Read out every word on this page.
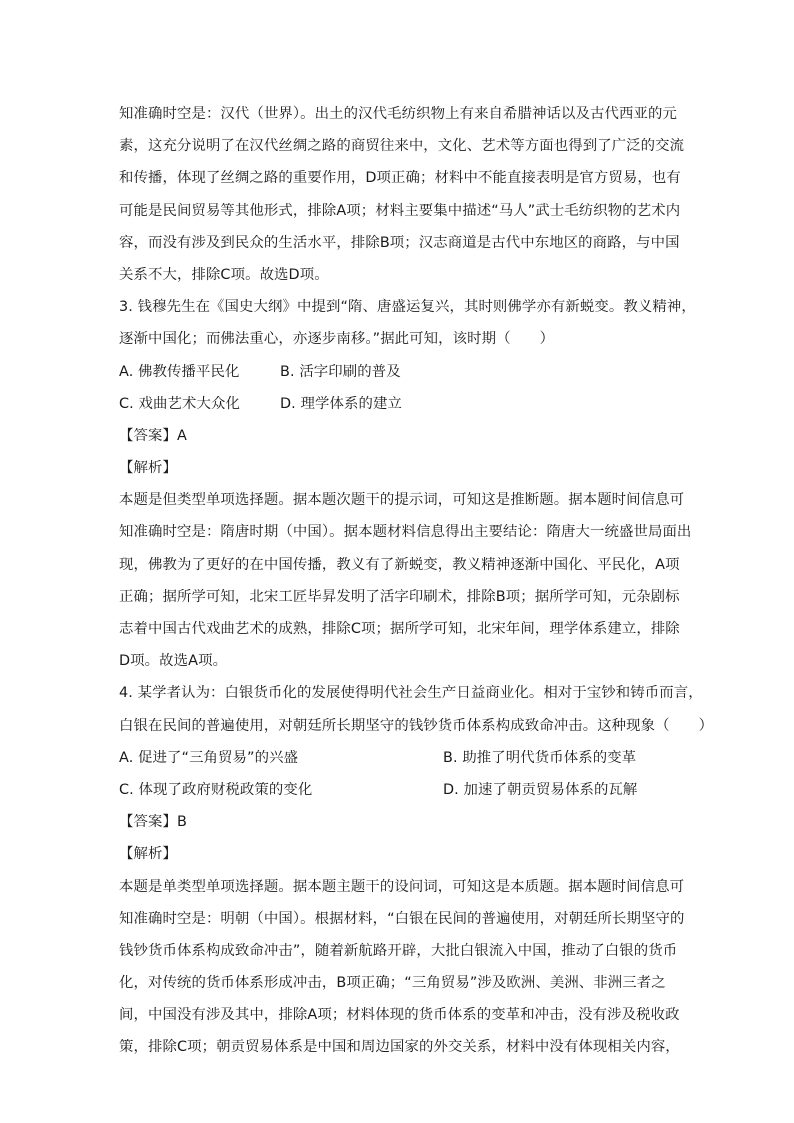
知准确时空是：汉代（世界）。出土的汉代毛纺织物上有来自希腊神话以及古代西亚的元
素，这充分说明了在汉代丝绸之路的商贸往来中，文化、艺术等方面也得到了广泛的交流
和传播，体现了丝绸之路的重要作用，D项正确；材料中不能直接表明是官方贸易，也有
可能是民间贸易等其他形式，排除A项；材料主要集中描述“马人”武士毛纺织物的艺术内
容，而没有涉及到民众的生活水平，排除B项；汉志商道是古代中东地区的商路，与中国
关系不大，排除C项。故选D项。
3. 钱穆先生在《国史大纲》中提到“隋、唐盛运复兴，其时则佛学亦有新蜕变。教义精神，
逐渐中国化；而佛法重心，亦逐步南移。”据此可知，该时期（　　）
A. 佛教传播平民化	B. 活字印刷的普及
C. 戏曲艺术大众化	D. 理学体系的建立
【答案】A
【解析】
本题是但类型单项选择题。据本题次题干的提示词，可知这是推断题。据本题时间信息可
知准确时空是：隋唐时期（中国）。据本题材料信息得出主要结论：隋唐大一统盛世局面出
现，佛教为了更好的在中国传播，教义有了新蜕变，教义精神逐渐中国化、平民化，A项
正确；据所学可知，北宋工匠毕昇发明了活字印刷术，排除B项；据所学可知，元杂剧标
志着中国古代戏曲艺术的成熟，排除C项；据所学可知，北宋年间，理学体系建立，排除
D项。故选A项。
4. 某学者认为：白银货币化的发展使得明代社会生产日益商业化。相对于宝钞和铸币而言，
白银在民间的普遍使用，对朝廷所长期坚守的钱钞货币体系构成致命冲击。这种现象（　　）
A. 促进了“三角贸易”的兴盛	B. 助推了明代货币体系的变革
C. 体现了政府财税政策的变化	D. 加速了朝贡贸易体系的瓦解
【答案】B
【解析】
本题是单类型单项选择题。据本题主题干的设问词，可知这是本质题。据本题时间信息可
知准确时空是：明朝（中国）。根据材料，“白银在民间的普遍使用，对朝廷所长期坚守的
钱钞货币体系构成致命冲击”，随着新航路开辟，大批白银流入中国，推动了白银的货币
化，对传统的货币体系形成冲击，B项正确；“三角贸易”涉及欧洲、美洲、非洲三者之
间，中国没有涉及其中，排除A项；材料体现的货币体系的变革和冲击，没有涉及税收政
策，排除C项；朝贡贸易体系是中国和周边国家的外交关系，材料中没有体现相关内容，
